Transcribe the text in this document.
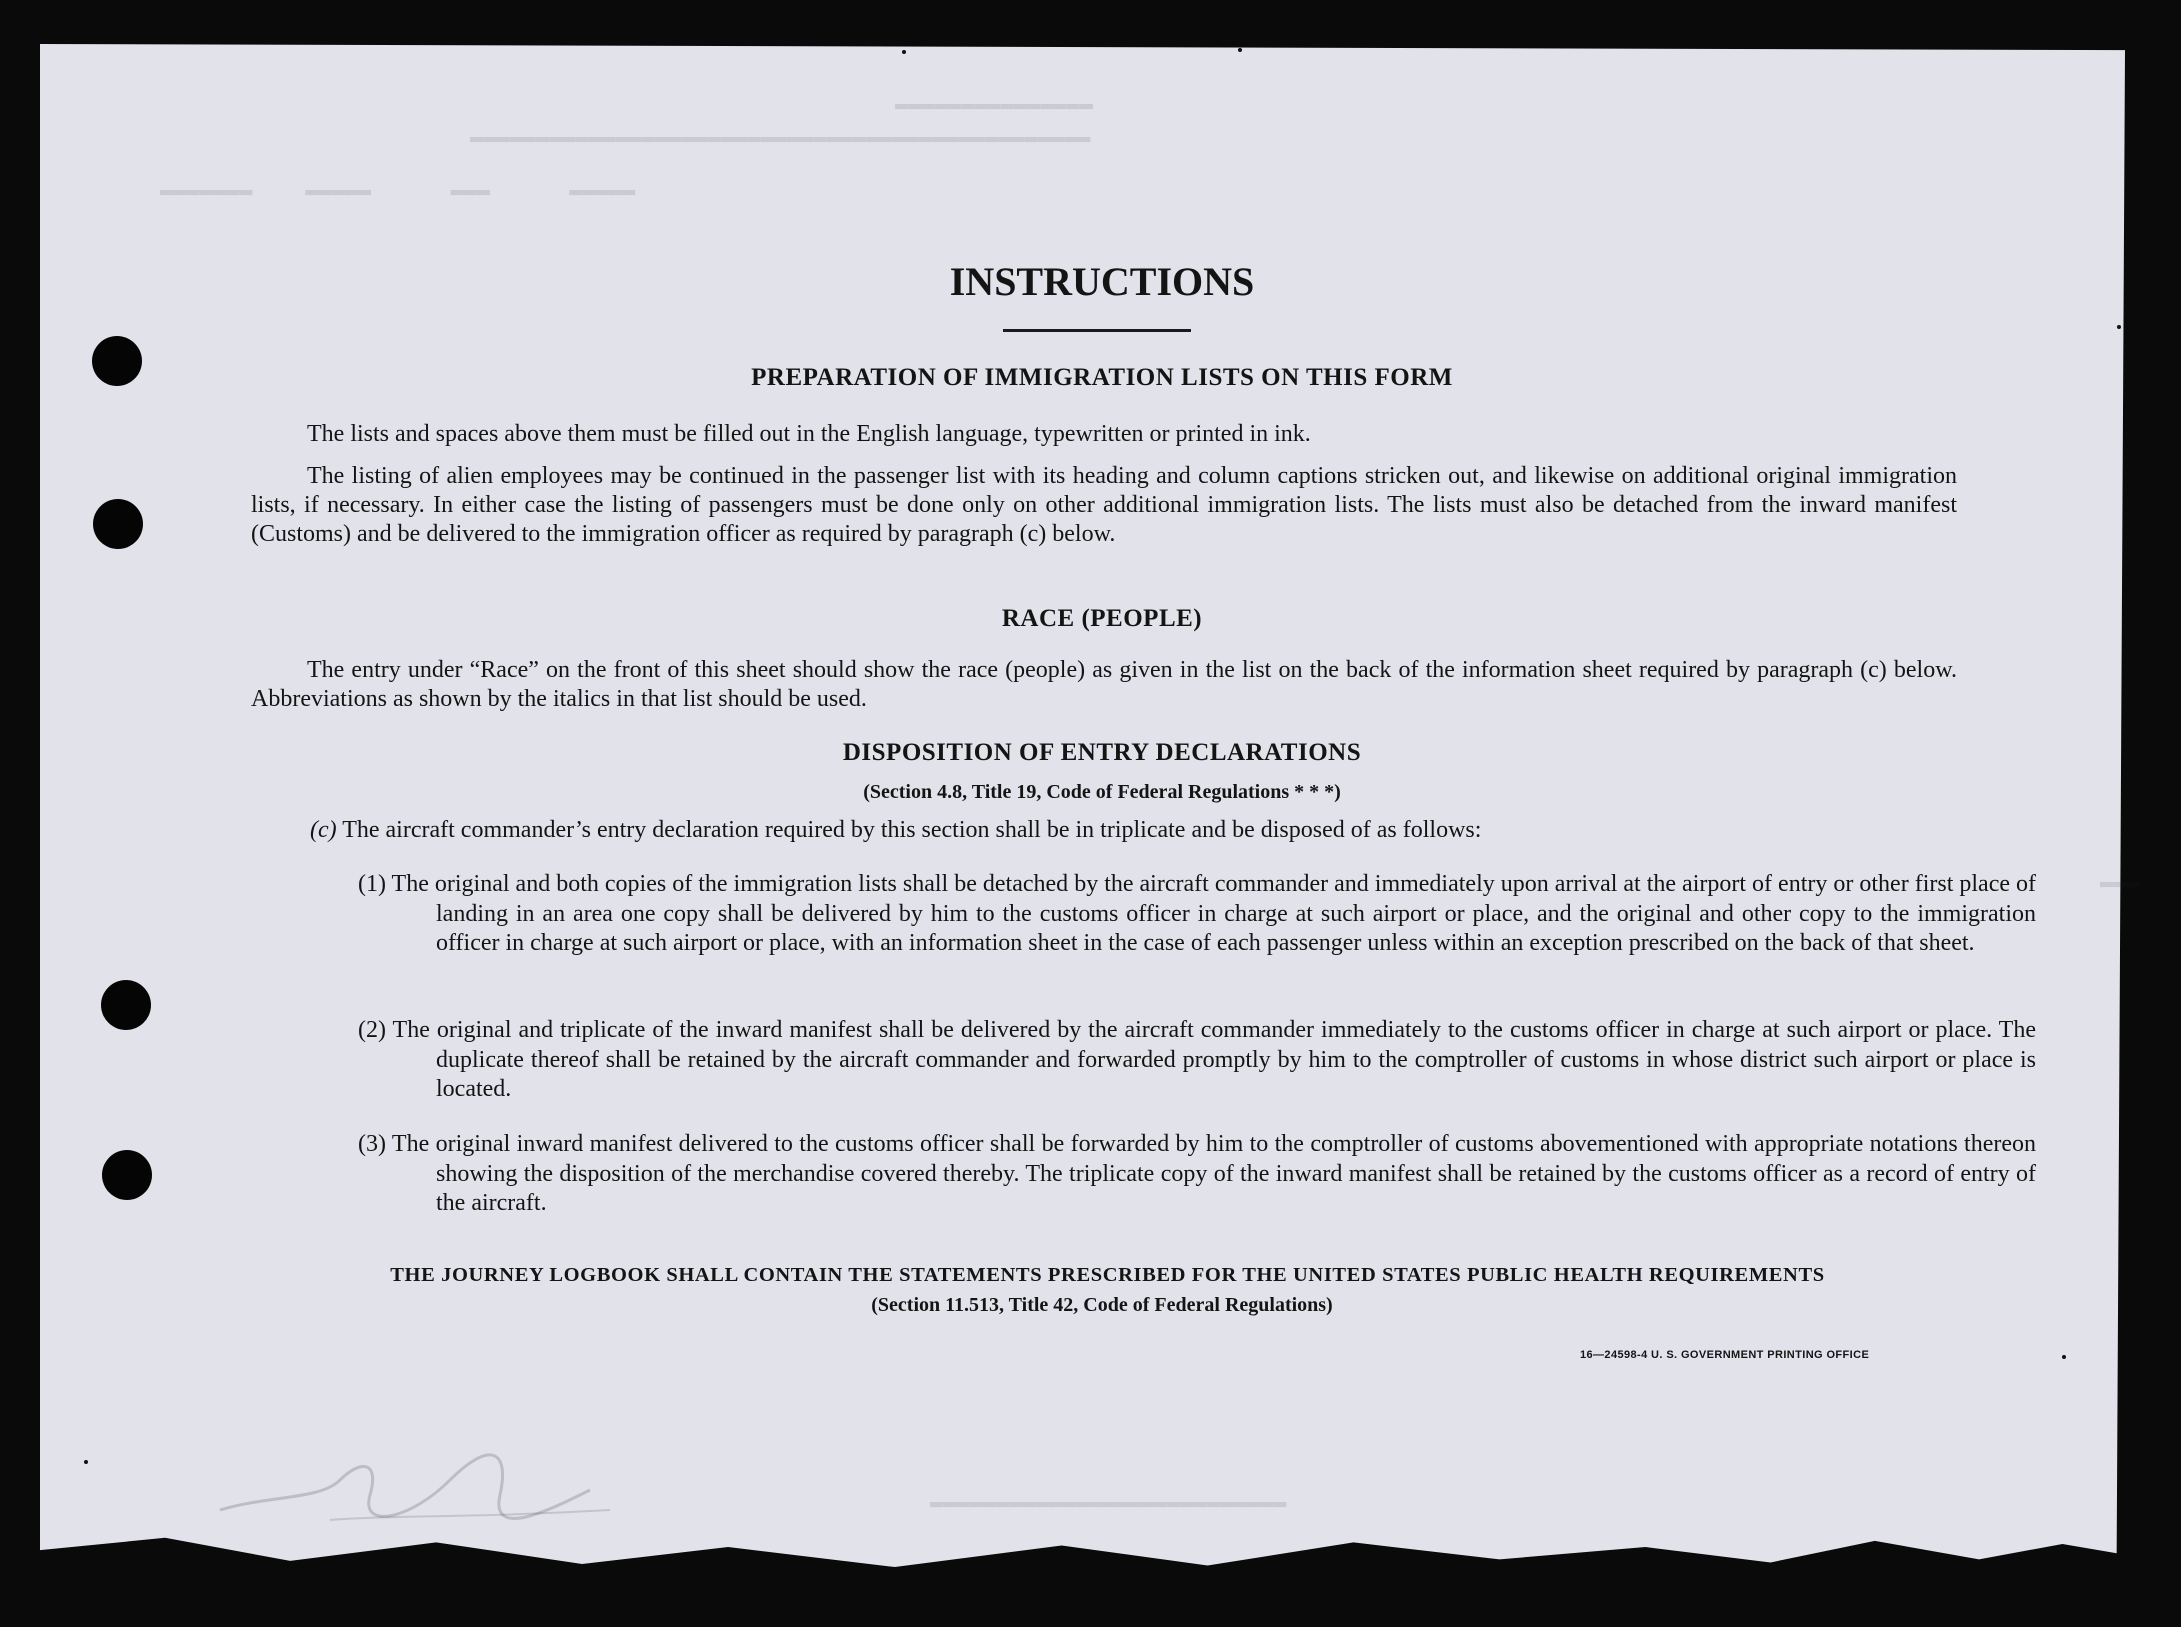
▬▬▬▬▬▬▬▬▬▬▬▬▬▬▬
▬▬▬▬▬▬▬▬▬▬▬▬▬▬▬▬▬▬▬▬▬▬▬▬▬▬▬▬▬▬▬▬▬▬▬▬▬▬▬▬▬▬▬▬▬▬▬
▬▬▬▬▬▬▬    ▬▬▬▬▬      ▬▬▬      ▬▬▬▬▬
▬▬▬
▬▬▬▬▬▬▬▬▬▬▬▬▬▬▬▬▬▬▬▬▬▬▬▬▬▬▬
INSTRUCTIONS
PREPARATION OF IMMIGRATION LISTS ON THIS FORM

The lists and spaces above them must be filled out in the English language, typewritten or printed in ink.

The listing of alien employees may be continued in the passenger list with its heading and column captions stricken out, and likewise on additional original immigration lists, if necessary. In either case the listing of passengers must be done only on other additional immigration lists. The lists must also be detached from the inward manifest (Customs) and be delivered to the immigration officer as required by paragraph (c) below.

RACE (PEOPLE)

The entry under “Race” on the front of this sheet should show the race (people) as given in the list on the back of the information sheet required by paragraph (c) below. Abbreviations as shown by the italics in that list should be used.

DISPOSITION OF ENTRY DECLARATIONS
(Section 4.8, Title 19, Code of Federal Regulations * * *)

(c) The aircraft commander’s entry declaration required by this section shall be in triplicate and be disposed of as follows:

(1) The original and both copies of the immigration lists shall be detached by the aircraft commander and immediately upon arrival at the airport of entry or other first place of landing in an area one copy shall be delivered by him to the customs officer in charge at such airport or place, and the original and other copy to the immigration officer in charge at such airport or place, with an information sheet in the case of each passenger unless within an exception prescribed on the back of that sheet.

(2) The original and triplicate of the inward manifest shall be delivered by the aircraft commander immediately to the customs officer in charge at such airport or place. The duplicate thereof shall be retained by the aircraft commander and forwarded promptly by him to the comptroller of customs in whose district such airport or place is located.

(3) The original inward manifest delivered to the customs officer shall be forwarded by him to the comptroller of customs abovementioned with appropriate notations thereon showing the disposition of the merchandise covered thereby. The triplicate copy of the inward manifest shall be retained by the customs officer as a record of entry of the aircraft.

THE JOURNEY LOGBOOK SHALL CONTAIN THE STATEMENTS PRESCRIBED FOR THE UNITED STATES PUBLIC HEALTH REQUIREMENTS
(Section 11.513, Title 42, Code of Federal Regulations)
16—24598-4 U. S. GOVERNMENT PRINTING OFFICE
